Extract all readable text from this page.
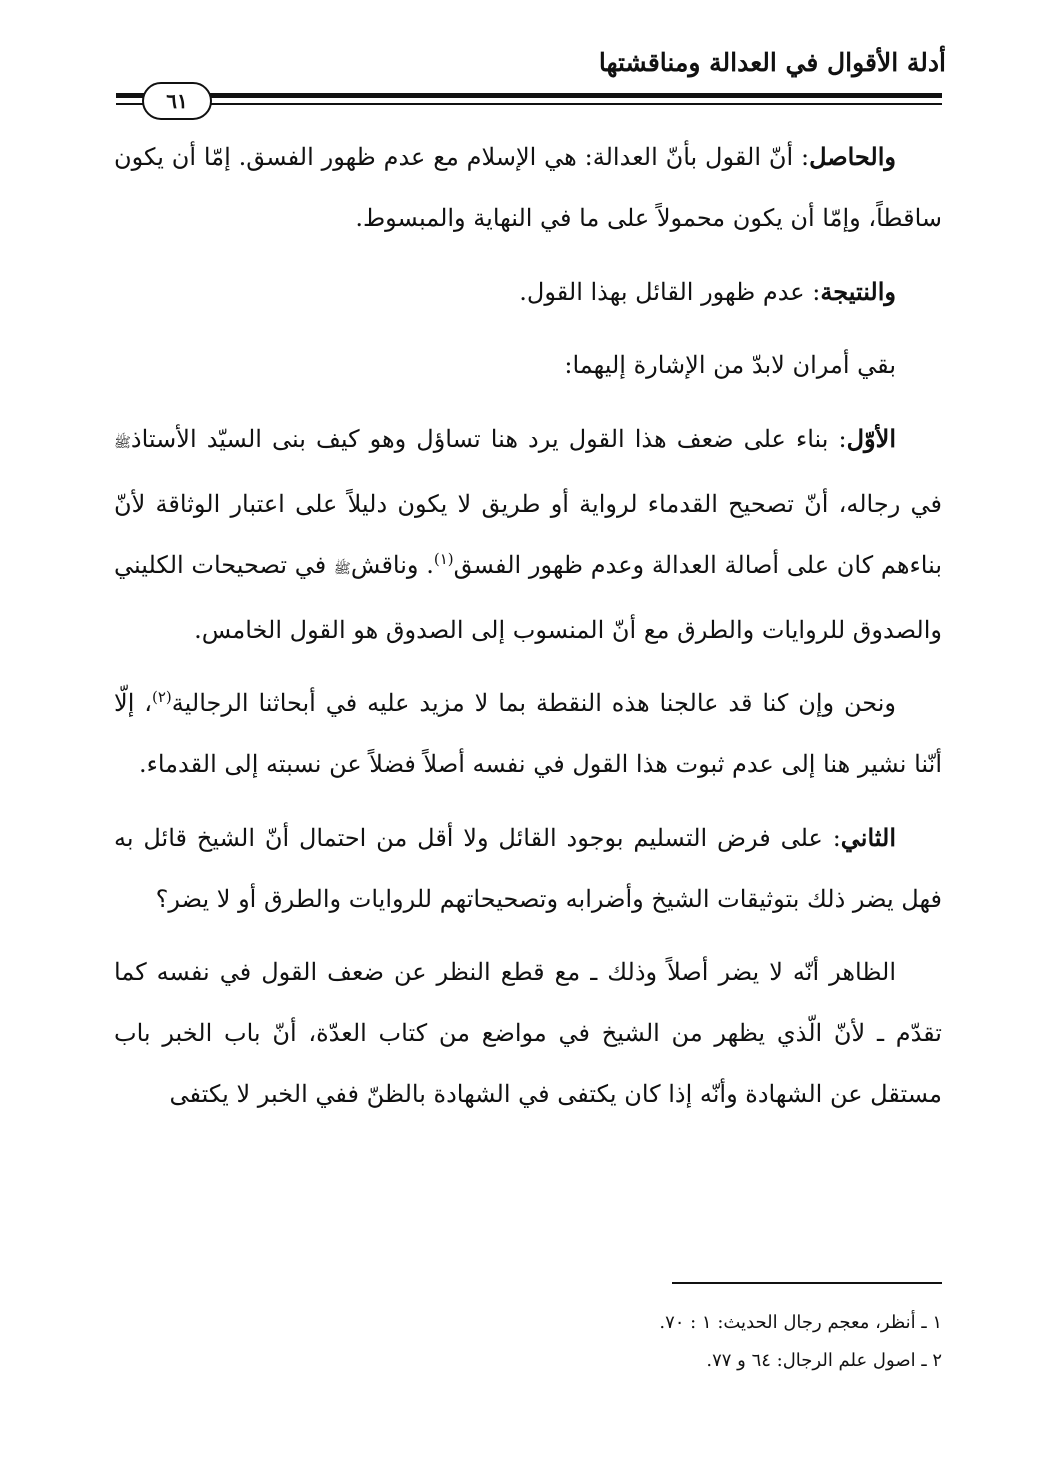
أدلة الأقوال في العدالة ومناقشتها
٦١

والحاصل: أنّ القول بأنّ العدالة: هي الإسلام مع عدم ظهور الفسق. إمّا أن يكون ساقطاً، وإمّا أن يكون محمولاً على ما في النهاية والمبسوط.

والنتيجة: عدم ظهور القائل بهذا القول.

بقي أمران لابدّ من الإشارة إليهما:

الأوّل: بناء على ضعف هذا القول يرد هنا تساؤل وهو كيف بنى السيّد الأستاذﷺ في رجاله، أنّ تصحيح القدماء لرواية أو طريق لا يكون دليلاً على اعتبار الوثاقة لأنّ بناءهم كان على أصالة العدالة وعدم ظهور الفسق$^{(١)}$. وناقشﷺ في تصحيحات الكليني والصدوق للروايات والطرق مع أنّ المنسوب إلى الصدوق هو القول الخامس.

ونحن وإن كنا قد عالجنا هذه النقطة بما لا مزيد عليه في أبحاثنا الرجالية$^{(٢)}$، إلّا أنّنا نشير هنا إلى عدم ثبوت هذا القول في نفسه أصلاً فضلاً عن نسبته إلى القدماء.

الثاني: على فرض التسليم بوجود القائل ولا أقل من احتمال أنّ الشيخ قائل به فهل يضر ذلك بتوثيقات الشيخ وأضرابه وتصحيحاتهم للروايات والطرق أو لا يضر؟

الظاهر أنّه لا يضر أصلاً وذلك ـ مع قطع النظر عن ضعف القول في نفسه كما تقدّم ـ لأنّ الّذي يظهر من الشيخ في مواضع من كتاب العدّة، أنّ باب الخبر باب مستقل عن الشهادة وأنّه إذا كان يكتفى في الشهادة بالظنّ ففي الخبر لا يكتفى

١ ـ أنظر، معجم رجال الحديث: ١ : ٧٠.
٢ ـ اصول علم الرجال: ٦٤ و ٧٧.
